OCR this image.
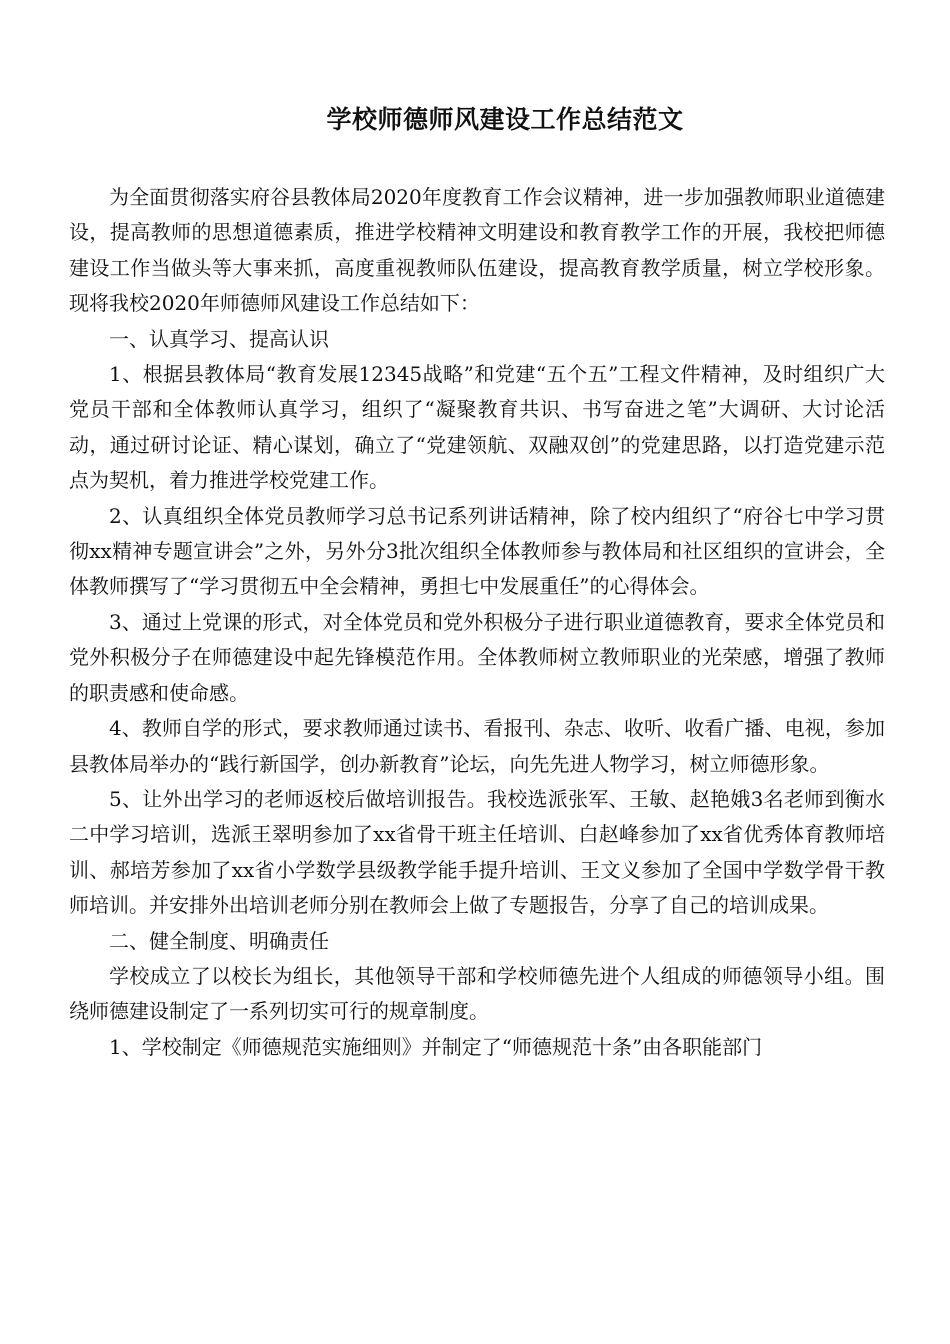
学校师德师风建设工作总结范文

为全面贯彻落实府谷县教体局2020年度教育工作会议精神，进一步加强教师职业道德建设，提高教师的思想道德素质，推进学校精神文明建设和教育教学工作的开展，我校把师德建设工作当做头等大事来抓，高度重视教师队伍建设，提高教育教学质量，树立学校形象。现将我校2020年师德师风建设工作总结如下：

一、认真学习、提高认识

1、根据县教体局“教育发展12345战略”和党建“五个五”工程文件精神，及时组织广大党员干部和全体教师认真学习，组织了“凝聚教育共识、书写奋进之笔”大调研、大讨论活动，通过研讨论证、精心谋划，确立了“党建领航、双融双创”的党建思路，以打造党建示范点为契机，着力推进学校党建工作。

2、认真组织全体党员教师学习总书记系列讲话精神，除了校内组织了“府谷七中学习贯彻xx精神专题宣讲会”之外，另外分3批次组织全体教师参与教体局和社区组织的宣讲会，全体教师撰写了“学习贯彻五中全会精神，勇担七中发展重任”的心得体会。

3、通过上党课的形式，对全体党员和党外积极分子进行职业道德教育，要求全体党员和党外积极分子在师德建设中起先锋模范作用。全体教师树立教师职业的光荣感，增强了教师的职责感和使命感。

4、教师自学的形式，要求教师通过读书、看报刊、杂志、收听、收看广播、电视，参加县教体局举办的“践行新国学，创办新教育”论坛，向先先进人物学习，树立师德形象。

5、让外出学习的老师返校后做培训报告。我校选派张军、王敏、赵艳娥3名老师到衡水二中学习培训，选派王翠明参加了xx省骨干班主任培训、白赵峰参加了xx省优秀体育教师培训、郝培芳参加了xx省小学数学县级教学能手提升培训、王文义参加了全国中学数学骨干教师培训。并安排外出培训老师分别在教师会上做了专题报告，分享了自己的培训成果。

二、健全制度、明确责任

学校成立了以校长为组长，其他领导干部和学校师德先进个人组成的师德领导小组。围绕师德建设制定了一系列切实可行的规章制度。

1、学校制定《师德规范实施细则》并制定了“师德规范十条”由各职能部门
